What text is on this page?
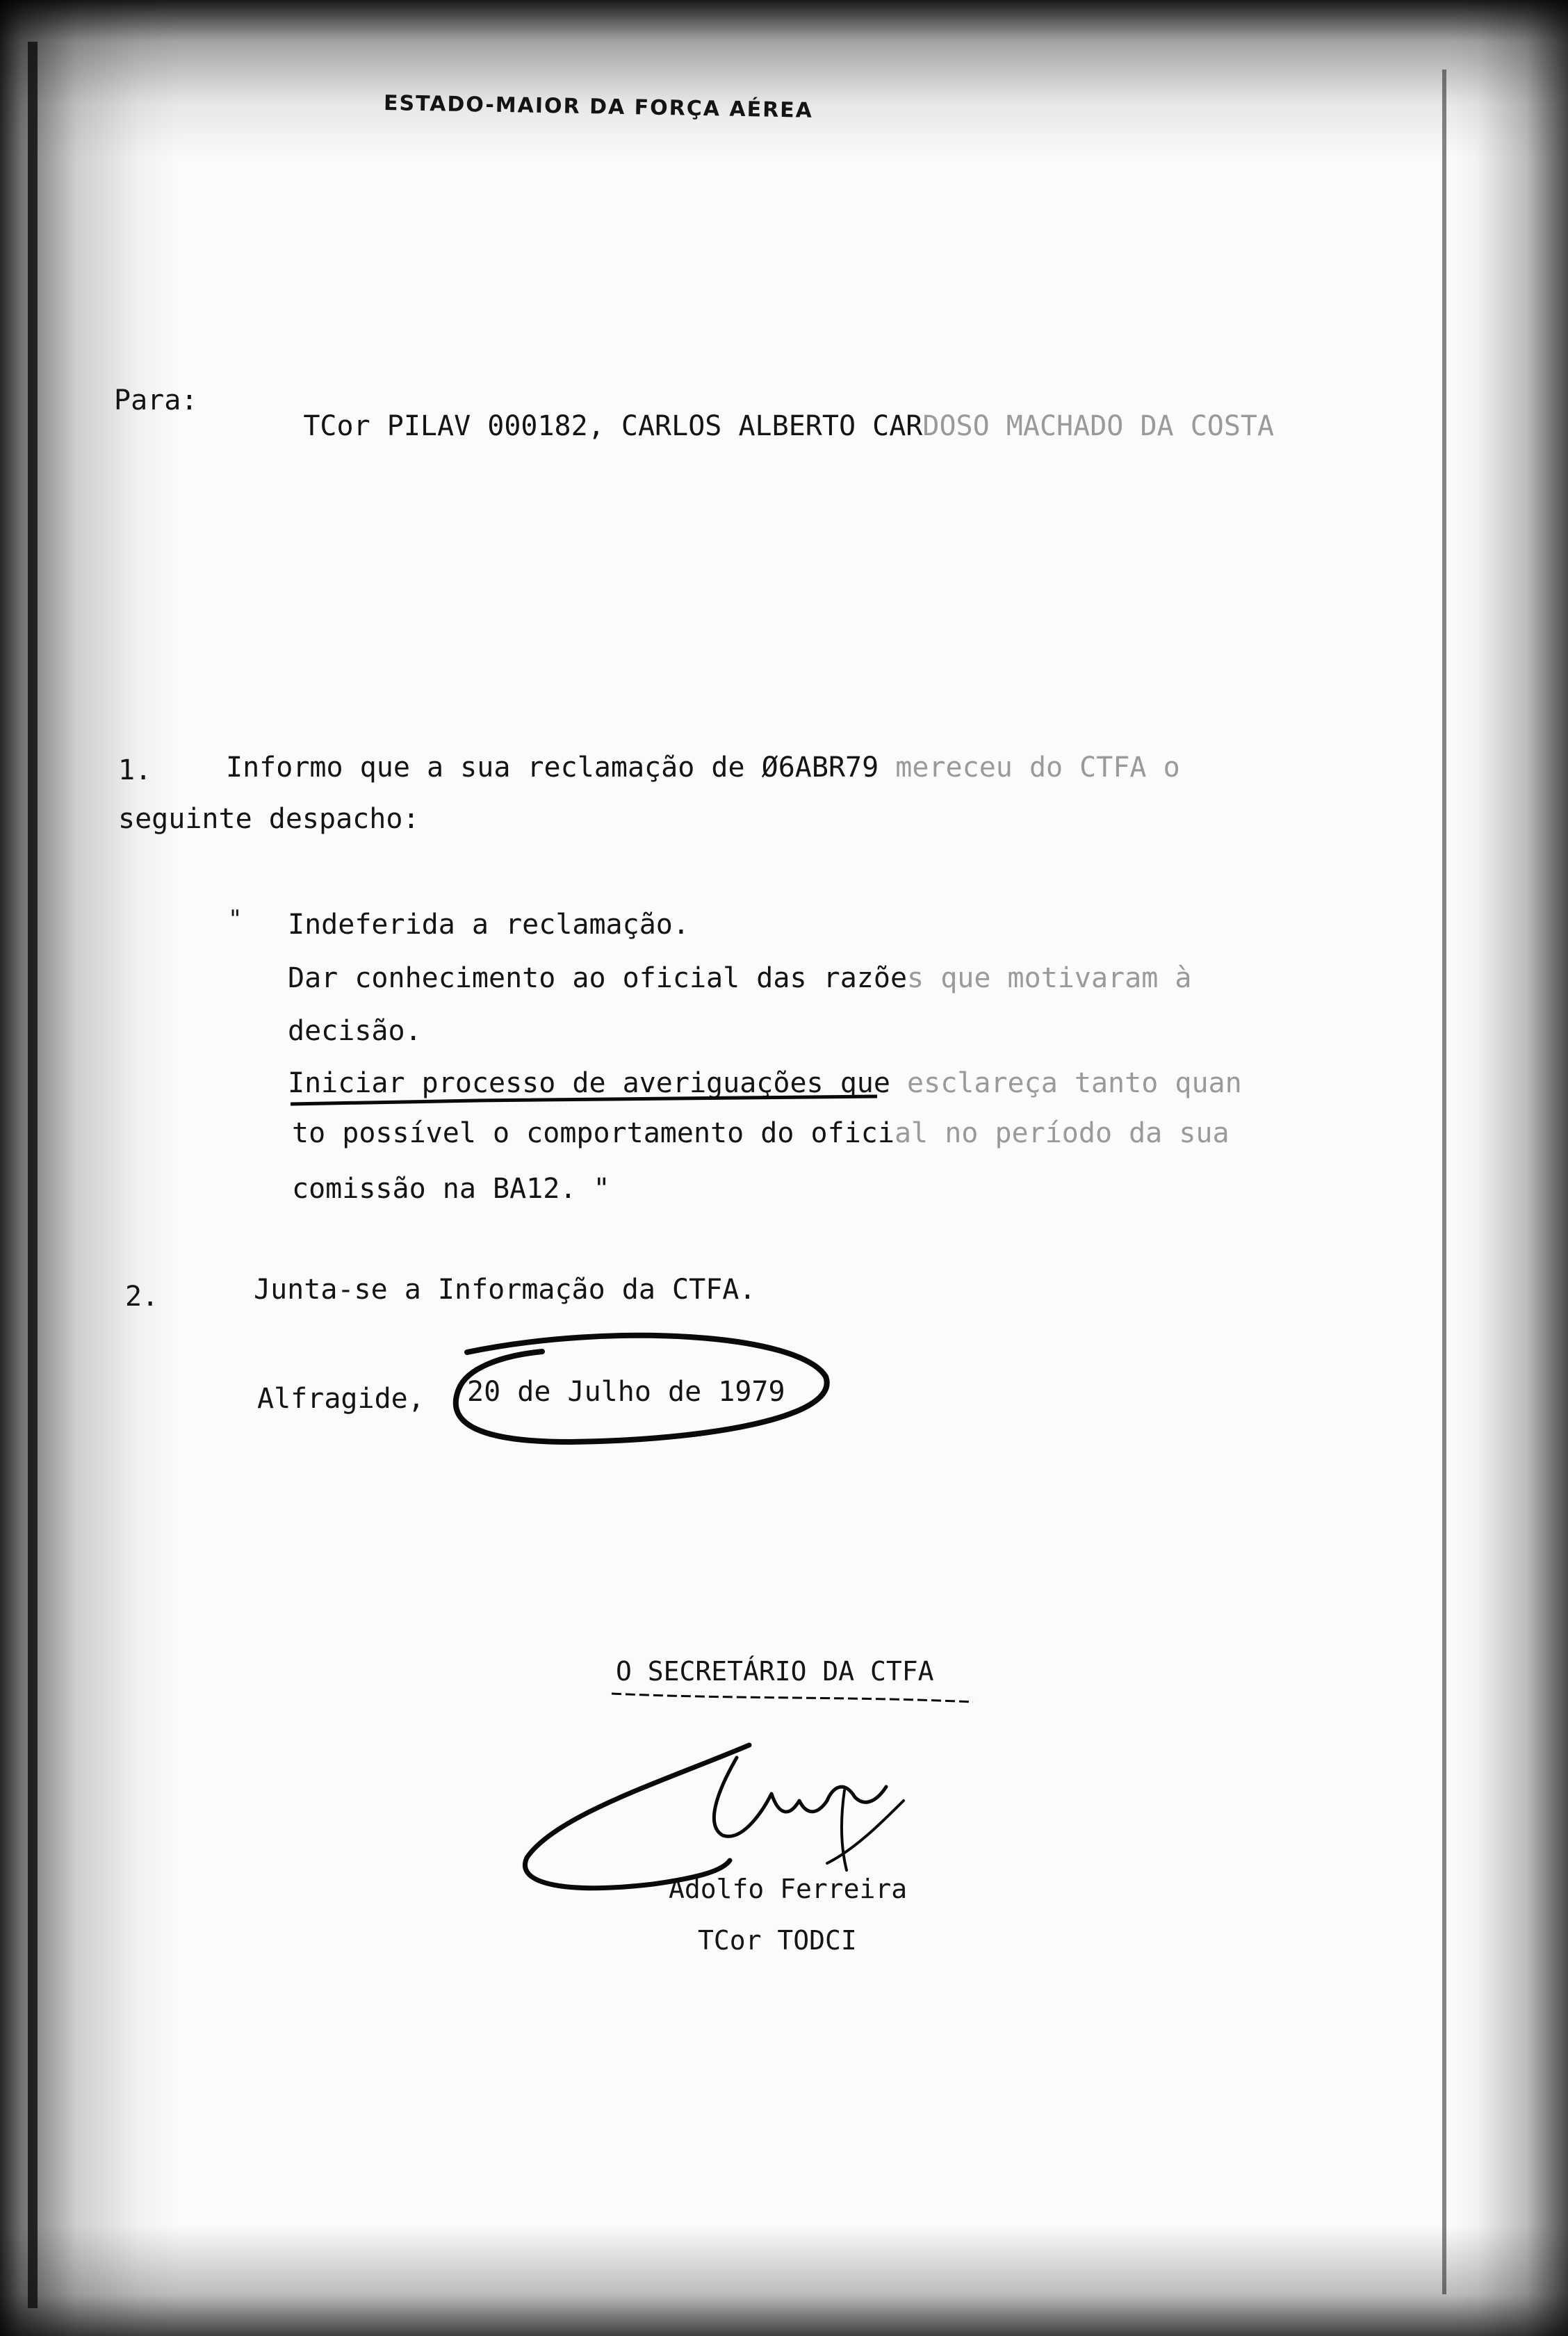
ESTADO-MAIOR DA FORÇA AÉREA
Para:

TCor PILAV 000182, CARLOS ALBERTO CARDOSO MACHADO DA COSTA

1.	Informo que a sua reclamação de Ø6ABR79 mereceu do CTFA o
seguinte despacho:
" Indeferida a reclamação.
Dar conhecimento ao oficial das razões que motivaram à
decisão.
Iniciar processo de averiguações que esclareça tanto quan
to possível o comportamento do oficial no período da sua
comissão na BA12. "
2.	Junta-se a Informação da CTFA.
Alfragide, 20 de Julho de 1979
O SECRETÁRIO DA CTFA
Adolfo Ferreira
TCor TODCI
